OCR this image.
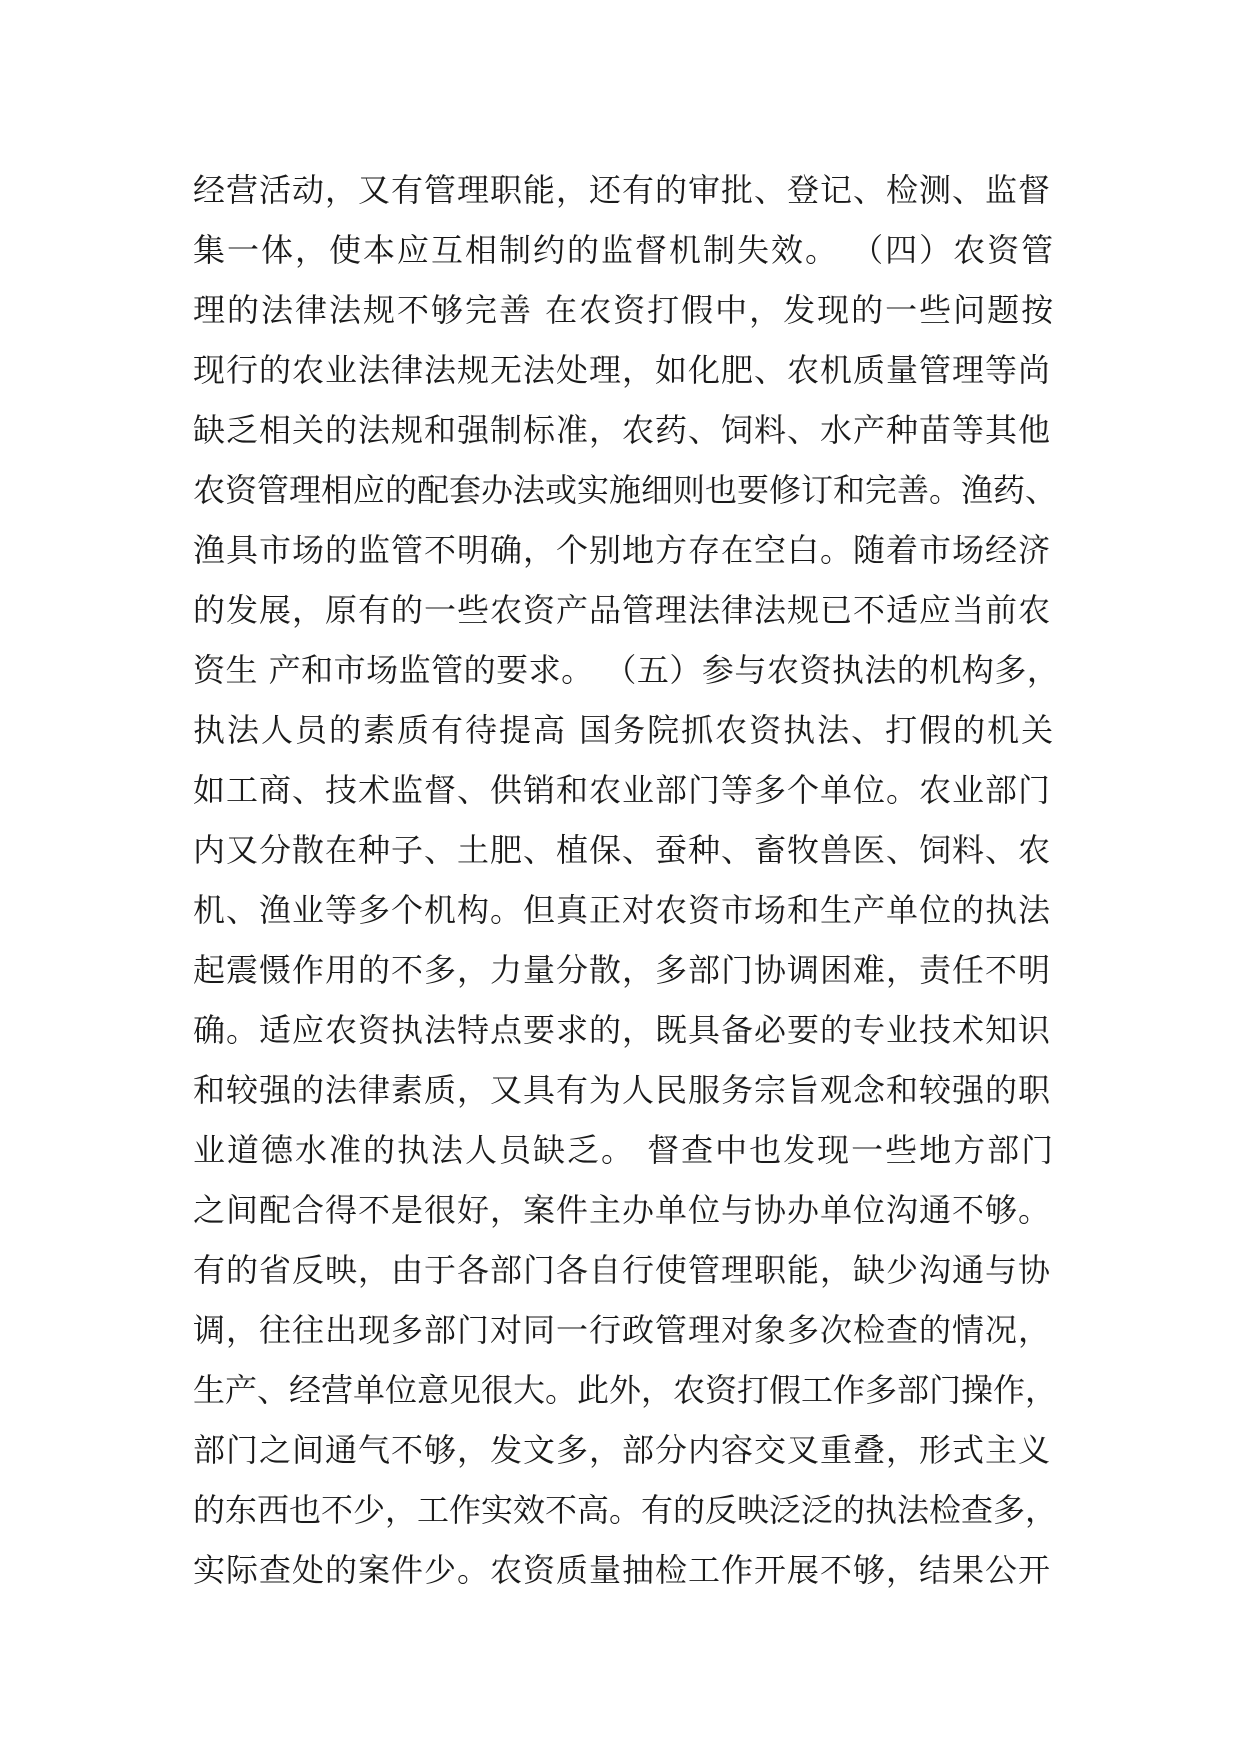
经营活动，又有管理职能，还有的审批、登记、检测、监督
集一体，使本应互相制约的监督机制失效。 （四）农资管
理的法律法规不够完善 在农资打假中，发现的一些问题按
现行的农业法律法规无法处理，如化肥、农机质量管理等尚
缺乏相关的法规和强制标准，农药、饲料、水产种苗等其他
农资管理相应的配套办法或实施细则也要修订和完善。渔药、
渔具市场的监管不明确，个别地方存在空白。随着市场经济
的发展，原有的一些农资产品管理法律法规已不适应当前农
资生 产和市场监管的要求。 （五）参与农资执法的机构多，
执法人员的素质有待提高 国务院抓农资执法、打假的机关
如工商、技术监督、供销和农业部门等多个单位。农业部门
内又分散在种子、土肥、植保、蚕种、畜牧兽医、饲料、农
机、渔业等多个机构。但真正对农资市场和生产单位的执法
起震慑作用的不多，力量分散，多部门协调困难，责任不明
确。适应农资执法特点要求的，既具备必要的专业技术知识
和较强的法律素质，又具有为人民服务宗旨观念和较强的职
业道德水准的执法人员缺乏。 督查中也发现一些地方部门
之间配合得不是很好，案件主办单位与协办单位沟通不够。
有的省反映，由于各部门各自行使管理职能，缺少沟通与协
调，往往出现多部门对同一行政管理对象多次检查的情况，
生产、经营单位意见很大。此外，农资打假工作多部门操作，
部门之间通气不够，发文多，部分内容交叉重叠，形式主义
的东西也不少，工作实效不高。有的反映泛泛的执法检查多，
实际查处的案件少。农资质量抽检工作开展不够，结果公开
